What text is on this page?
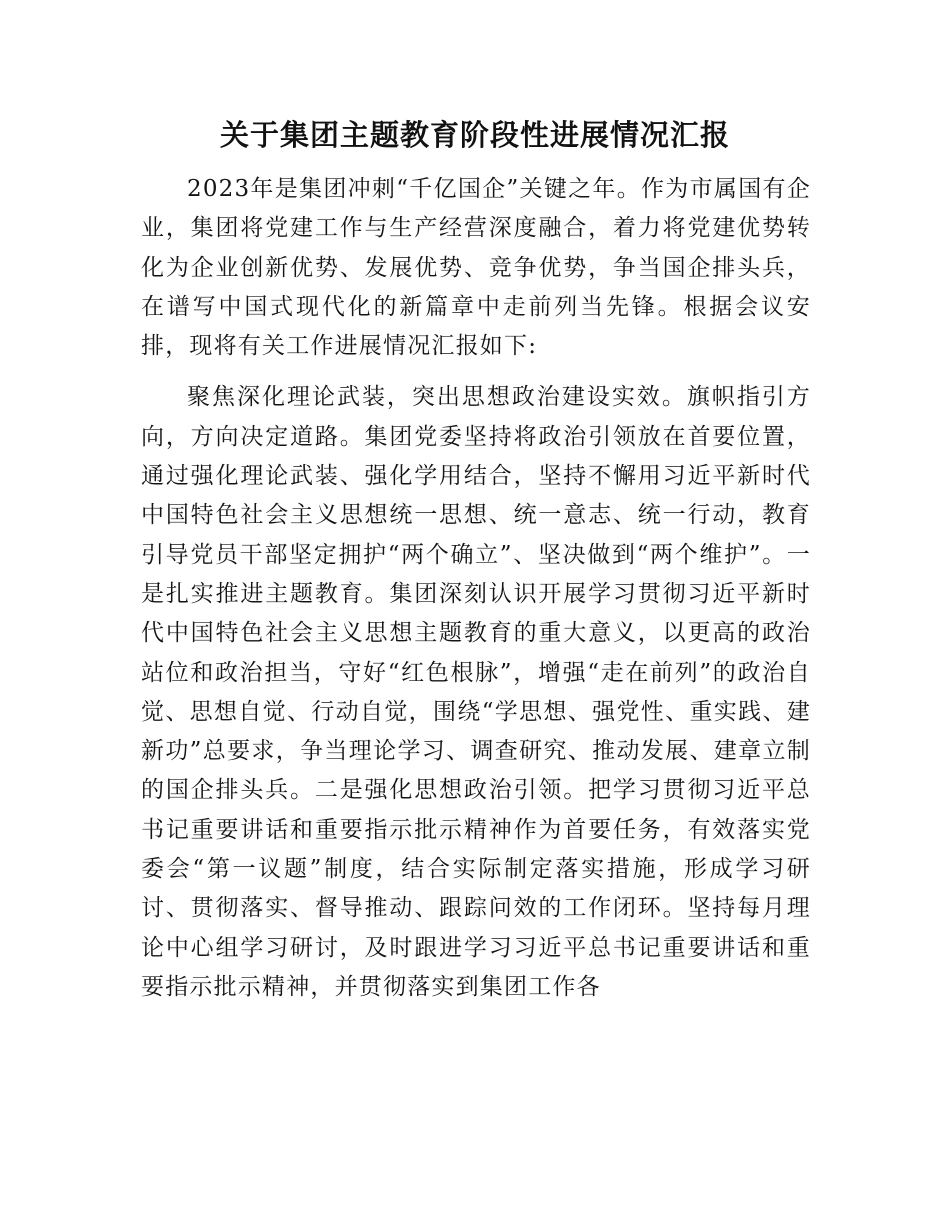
关于集团主题教育阶段性进展情况汇报

2023年是集团冲刺“千亿国企”关键之年。作为市属国有企业，集团将党建工作与生产经营深度融合，着力将党建优势转化为企业创新优势、发展优势、竞争优势，争当国企排头兵，在谱写中国式现代化的新篇章中走前列当先锋。根据会议安排，现将有关工作进展情况汇报如下:

聚焦深化理论武装，突出思想政治建设实效。旗帜指引方向，方向决定道路。集团党委坚持将政治引领放在首要位置，通过强化理论武装、强化学用结合，坚持不懈用习近平新时代中国特色社会主义思想统一思想、统一意志、统一行动，教育引导党员干部坚定拥护“两个确立”、坚决做到“两个维护”。一是扎实推进主题教育。集团深刻认识开展学习贯彻习近平新时代中国特色社会主义思想主题教育的重大意义，以更高的政治站位和政治担当，守好“红色根脉”，增强“走在前列”的政治自觉、思想自觉、行动自觉，围绕“学思想、强党性、重实践、建新功”总要求，争当理论学习、调查研究、推动发展、建章立制的国企排头兵。二是强化思想政治引领。把学习贯彻习近平总书记重要讲话和重要指示批示精神作为首要任务，有效落实党委会“第一议题”制度，结合实际制定落实措施，形成学习研讨、贯彻落实、督导推动、跟踪问效的工作闭环。坚持每月理论中心组学习研讨，及时跟进学习习近平总书记重要讲话和重要指示批示精神，并贯彻落实到集团工作各
